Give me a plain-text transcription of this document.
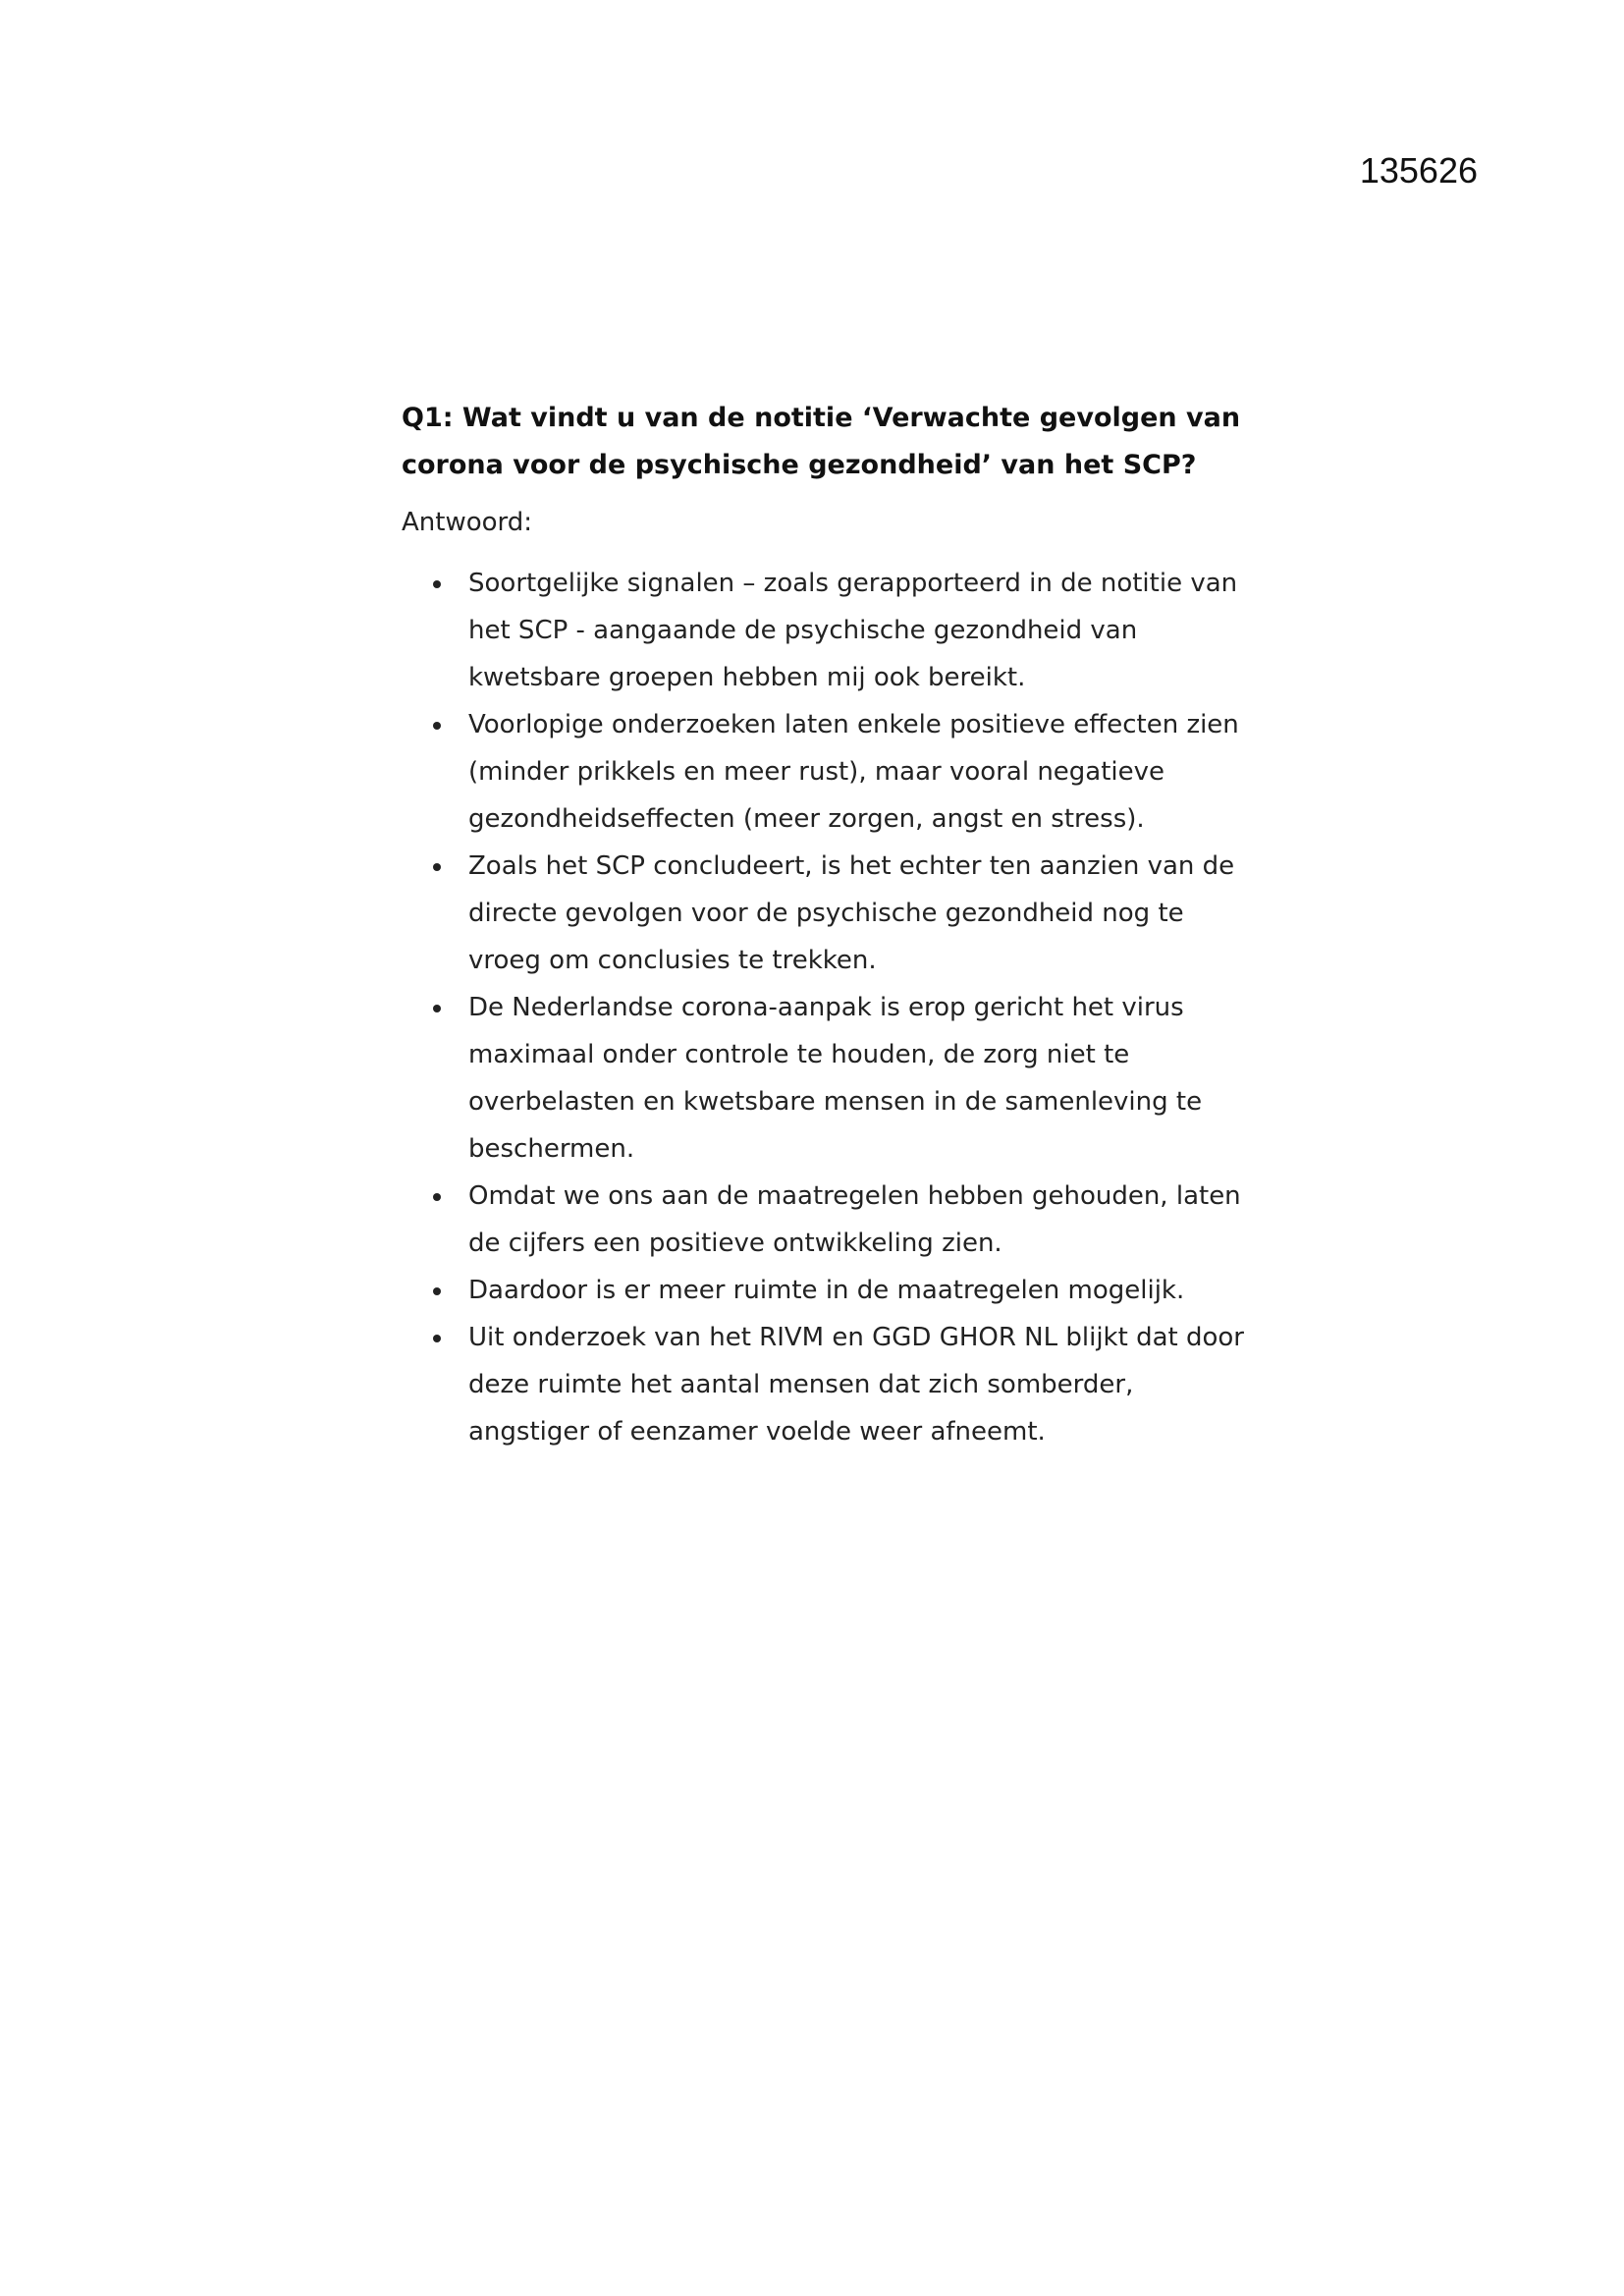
135626

Q1: Wat vindt u van de notitie ‘Verwachte gevolgen van corona voor de psychische gezondheid’ van het SCP?

Antwoord:

Soortgelijke signalen – zoals gerapporteerd in de notitie van het SCP - aangaande de psychische gezondheid van kwetsbare groepen hebben mij ook bereikt.
Voorlopige onderzoeken laten enkele positieve effecten zien (minder prikkels en meer rust), maar vooral negatieve gezondheidseffecten (meer zorgen, angst en stress).
Zoals het SCP concludeert, is het echter ten aanzien van de directe gevolgen voor de psychische gezondheid nog te vroeg om conclusies te trekken.
De Nederlandse corona-aanpak is erop gericht het virus maximaal onder controle te houden, de zorg niet te overbelasten en kwetsbare mensen in de samenleving te beschermen.
Omdat we ons aan de maatregelen hebben gehouden, laten de cijfers een positieve ontwikkeling zien.
Daardoor is er meer ruimte in de maatregelen mogelijk.
Uit onderzoek van het RIVM en GGD GHOR NL blijkt dat door deze ruimte het aantal mensen dat zich somberder, angstiger of eenzamer voelde weer afneemt.
